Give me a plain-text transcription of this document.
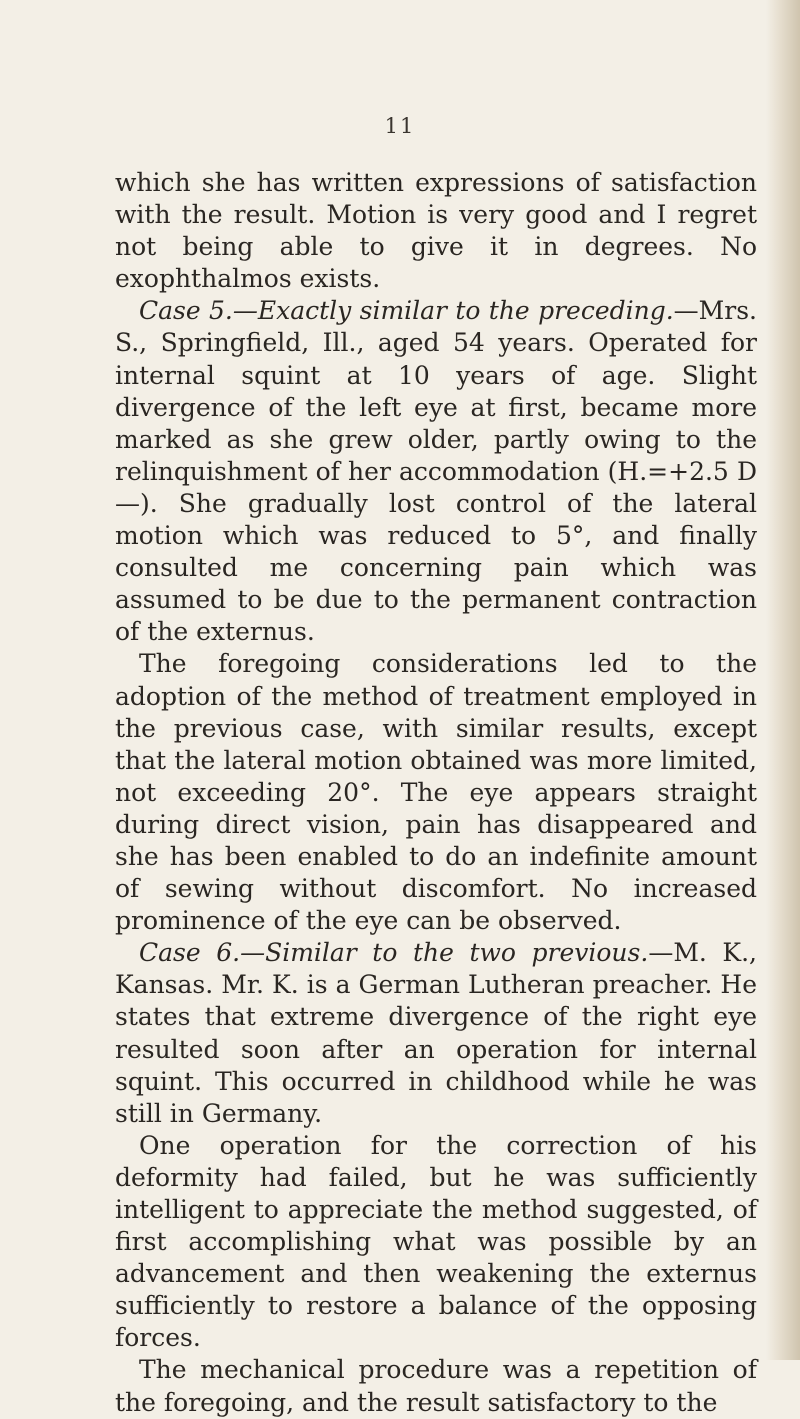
11

which she has written expressions of satisfaction with the result. Motion is very good and I regret not being able to give it in degrees. No exophthalmos exists.

Case 5.—Exactly similar to the preceding.—Mrs. S., Springfield, Ill., aged 54 years. Operated for internal squint at 10 years of age. Slight divergence of the left eye at first, became more marked as she grew older, partly owing to the relinquishment of her accommodation (H.=+2.5 D—). She gradually lost control of the lateral motion which was reduced to 5°, and finally consulted me concerning pain which was assumed to be due to the permanent contraction of the externus.

The foregoing considerations led to the adoption of the method of treatment employed in the previous case, with similar results, except that the lateral motion obtained was more limited, not exceeding 20°. The eye appears straight during direct vision, pain has disappeared and she has been enabled to do an indefinite amount of sewing without discomfort. No increased prominence of the eye can be observed.

Case 6.—Similar to the two previous.—M. K., Kansas. Mr. K. is a German Lutheran preacher. He states that extreme divergence of the right eye resulted soon after an operation for internal squint. This occurred in childhood while he was still in Germany.

One operation for the correction of his deformity had failed, but he was sufficiently intelligent to appreciate the method suggested, of first accomplishing what was possible by an advancement and then weakening the externus sufficiently to restore a balance of the opposing forces.

The mechanical procedure was a repetition of the foregoing, and the result satisfactory to the
